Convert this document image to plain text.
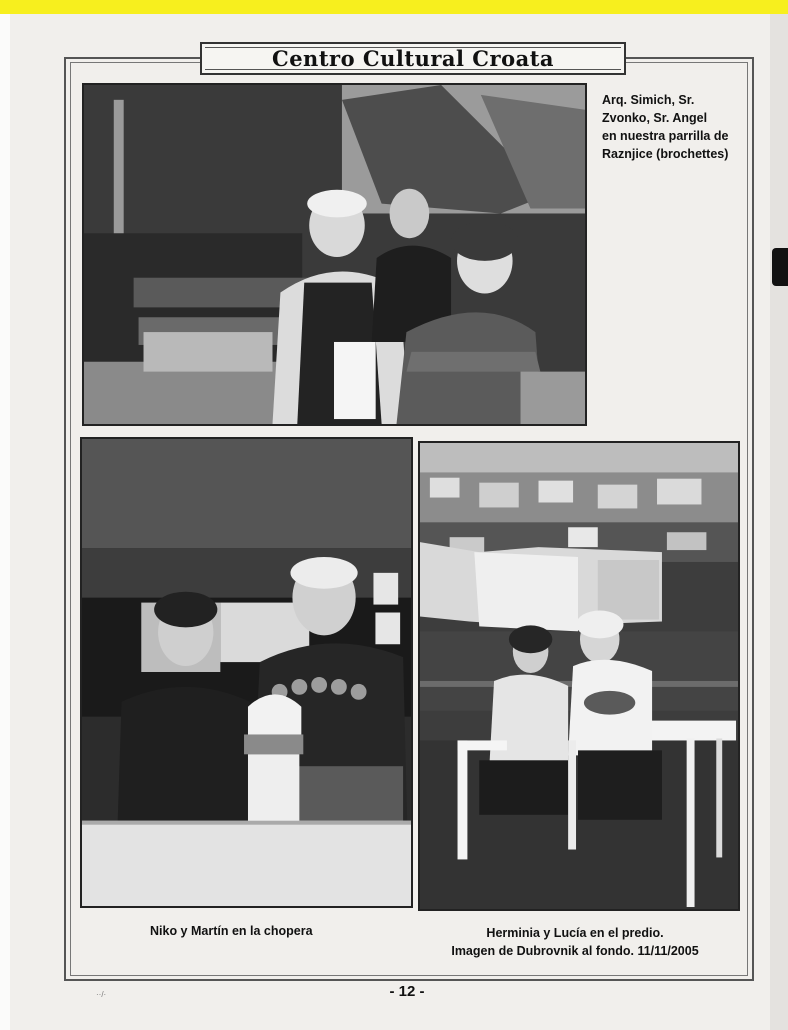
Centro Cultural Croata
Arq. Simich, Sr.
Zvonko, Sr. Angel
en nuestra parrilla de
Raznjice (brochettes)
Niko y Martín en la chopera	Herminia y Lucía en el predio.
Imagen de Dubrovnik al fondo. 11/11/2005
··/·	- 12 -
